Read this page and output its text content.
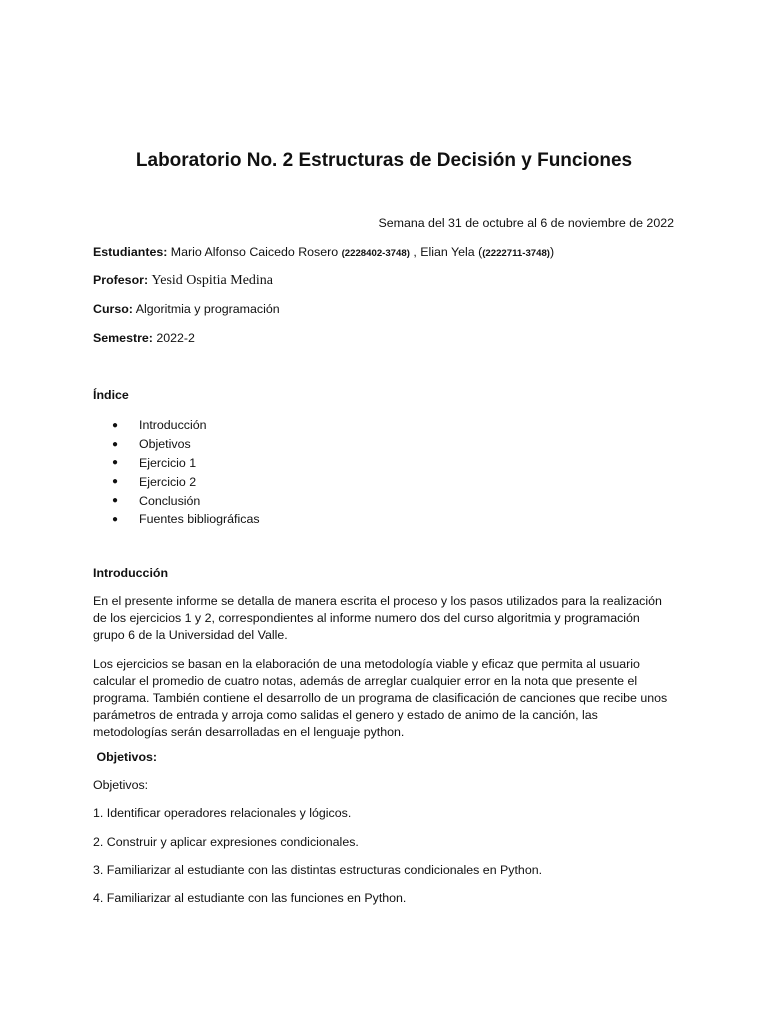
Laboratorio No. 2 Estructuras de Decisión y Funciones
Semana del 31 de octubre al 6 de noviembre de 2022
Estudiantes: Mario Alfonso Caicedo Rosero (2228402-3748) , Elian Yela ((2222711-3748))
Profesor: Yesid Ospitia Medina
Curso: Algoritmia y programación
Semestre: 2022-2
Índice
●	Introducción
●	Objetivos
●	Ejercicio 1
●	Ejercicio 2
●	Conclusión
●	Fuentes bibliográficas
Introducción
En el presente informe se detalla de manera escrita el proceso y los pasos utilizados para la realización de los ejercicios 1 y 2, correspondientes al informe numero dos del curso algoritmia y programación grupo 6 de la Universidad del Valle.
Los ejercicios se basan en la elaboración de una metodología viable y eficaz que permita al usuario calcular el promedio de cuatro notas, además de arreglar cualquier error en la nota que presente el programa. También contiene el desarrollo de un programa de clasificación de canciones que recibe unos parámetros de entrada y arroja como salidas el genero y estado de animo de la canción, las metodologías serán desarrolladas en el lenguaje python.
Objetivos:
Objetivos:
1. Identificar operadores relacionales y lógicos.
2. Construir y aplicar expresiones condicionales.
3. Familiarizar al estudiante con las distintas estructuras condicionales en Python.
4. Familiarizar al estudiante con las funciones en Python.
